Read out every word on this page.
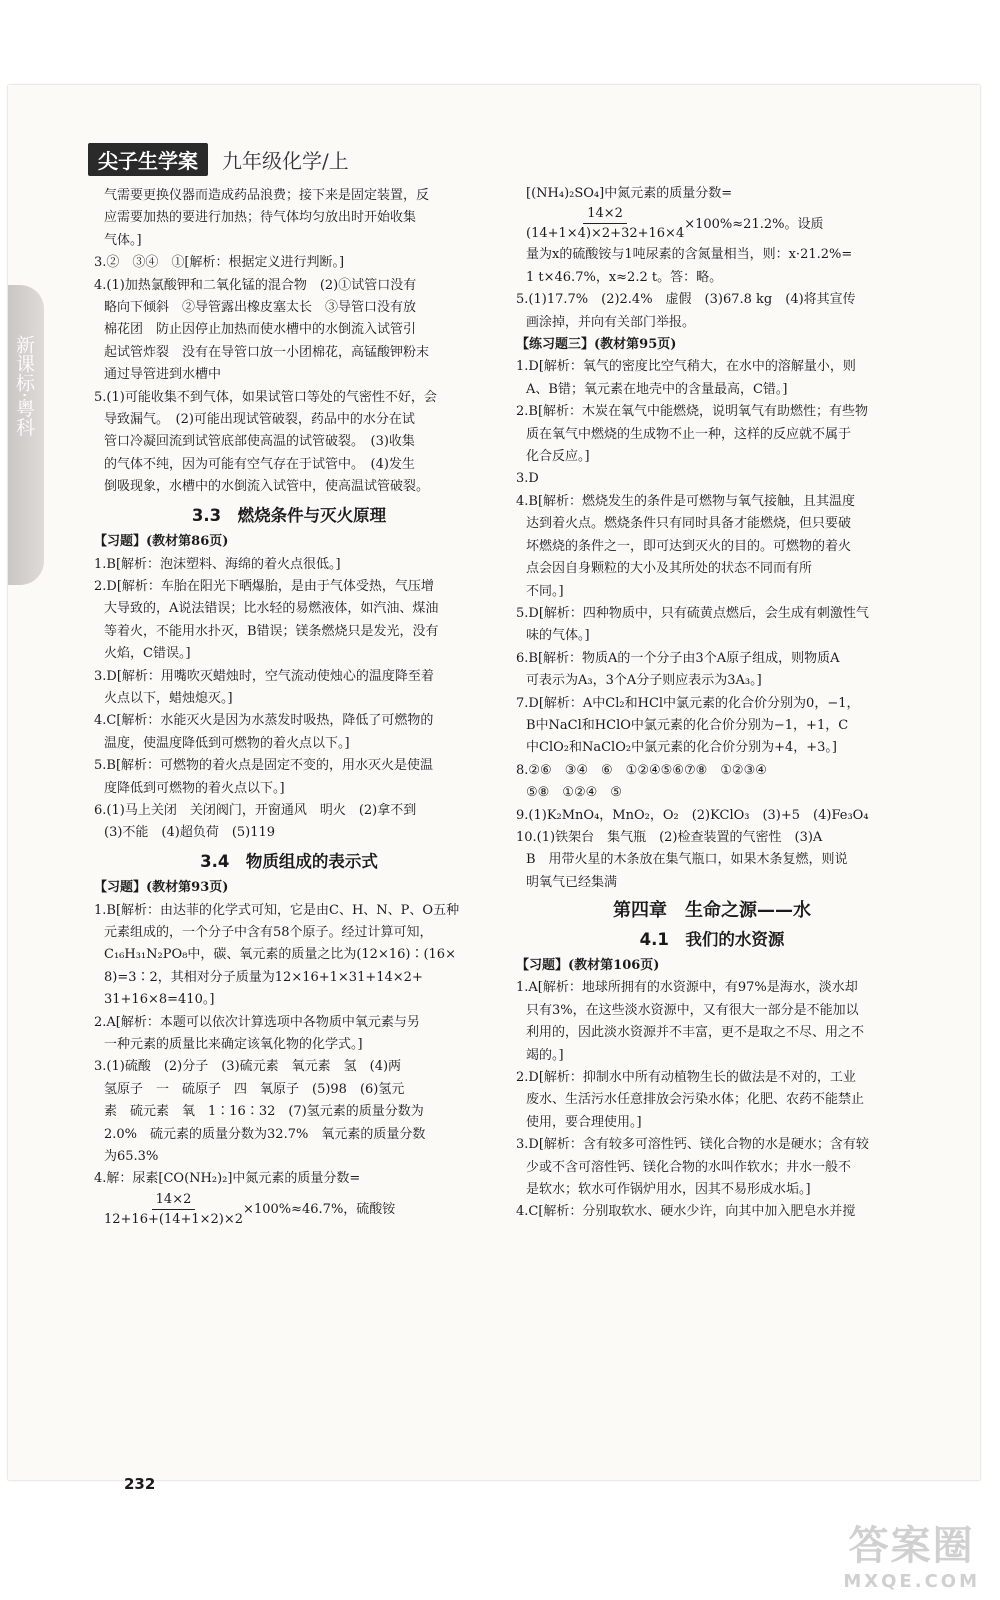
新课标·粤科
尖子生学案	九年级化学/上

气需要更换仪器而造成药品浪费；接下来是固定装置，反

应需要加热的要进行加热；待气体均匀放出时开始收集

气体。]

3.②　③④　①[解析：根据定义进行判断。]

4.(1)加热氯酸钾和二氧化锰的混合物　(2)①试管口没有

略向下倾斜　②导管露出橡皮塞太长　③导管口没有放

棉花团　防止因停止加热而使水槽中的水倒流入试管引

起试管炸裂　没有在导管口放一小团棉花，高锰酸钾粉末

通过导管进到水槽中

5.(1)可能收集不到气体，如果试管口等处的气密性不好，会

导致漏气。　(2)可能出现试管破裂，药品中的水分在试

管口冷凝回流到试管底部使高温的试管破裂。　(3)收集

的气体不纯，因为可能有空气存在于试管中。　(4)发生

倒吸现象，水槽中的水倒流入试管中，使高温试管破裂。

3.3　燃烧条件与灭火原理

【习题】(教材第86页)

1.B[解析：泡沫塑料、海绵的着火点很低。]

2.D[解析：车胎在阳光下晒爆胎，是由于气体受热，气压增

大导致的，A说法错误；比水轻的易燃液体，如汽油、煤油

等着火，不能用水扑灭，B错误；镁条燃烧只是发光，没有

火焰，C错误。]

3.D[解析：用嘴吹灭蜡烛时，空气流动使烛心的温度降至着

火点以下，蜡烛熄灭。]

4.C[解析：水能灭火是因为水蒸发时吸热，降低了可燃物的

温度，使温度降低到可燃物的着火点以下。]

5.B[解析：可燃物的着火点是固定不变的，用水灭火是使温

度降低到可燃物的着火点以下。]

6.(1)马上关闭　关闭阀门，开窗通风　明火　(2)拿不到

(3)不能　(4)超负荷　(5)119

3.4　物质组成的表示式

【习题】(教材第93页)

1.B[解析：由达菲的化学式可知，它是由C、H、N、P、O五种

元素组成的，一个分子中含有58个原子。经过计算可知，

C₁₆H₃₁N₂PO₈中，碳、氧元素的质量之比为(12×16)∶(16×

8)=3∶2，其相对分子质量为12×16+1×31+14×2+

31+16×8=410。]

2.A[解析：本题可以依次计算选项中各物质中氧元素与另

一种元素的质量比来确定该氧化物的化学式。]

3.(1)硫酸　(2)分子　(3)硫元素　氧元素　氢　(4)两

氢原子　一　硫原子　四　氧原子　(5)98　(6)氢元

素　硫元素　氧　1∶16∶32　(7)氢元素的质量分数为

2.0%　硫元素的质量分数为32.7%　氧元素的质量分数

为65.3%

4.解：尿素[CO(NH₂)₂]中氮元素的质量分数=

$\frac{14\times 2}{12+16+(14+1\times 2)\times 2} \times 100\%\approx 46.7\%$，硫酸铵

[(NH₄)₂SO₄]中氮元素的质量分数=

$\frac{14\times 2}{(14+1\times 4)\times 2+32+16\times 4} \times 100\%\approx 21.2\%$。设质

量为x的硫酸铵与1吨尿素的含氮量相当，则：x·21.2%=

1 t×46.7%，x≈2.2 t。答：略。

5.(1)17.7%　(2)2.4%　虚假　(3)67.8 kg　(4)将其宣传

画涂掉，并向有关部门举报。

【练习题三】(教材第95页)

1.D[解析：氧气的密度比空气稍大，在水中的溶解量小，则

A、B错；氧元素在地壳中的含量最高，C错。]

2.B[解析：木炭在氧气中能燃烧，说明氧气有助燃性；有些物

质在氧气中燃烧的生成物不止一种，这样的反应就不属于

化合反应。]

3.D

4.B[解析：燃烧发生的条件是可燃物与氧气接触，且其温度

达到着火点。燃烧条件只有同时具备才能燃烧，但只要破

坏燃烧的条件之一，即可达到灭火的目的。可燃物的着火

点会因自身颗粒的大小及其所处的状态不同而有所

不同。]

5.D[解析：四种物质中，只有硫黄点燃后，会生成有刺激性气

味的气体。]

6.B[解析：物质A的一个分子由3个A原子组成，则物质A

可表示为A₃，3个A分子则应表示为3A₃。]

7.D[解析：A中Cl₂和HCl中氯元素的化合价分别为0，−1，

B中NaCl和HClO中氯元素的化合价分别为−1，+1，C

中ClO₂和NaClO₂中氯元素的化合价分别为+4，+3。]

8.②⑥　③④　⑥　①②④⑤⑥⑦⑧　①②③④

⑤⑧　①②④　⑤

9.(1)K₂MnO₄，MnO₂，O₂　(2)KClO₃　(3)+5　(4)Fe₃O₄

10.(1)铁架台　集气瓶　(2)检查装置的气密性　(3)A

B　用带火星的木条放在集气瓶口，如果木条复燃，则说

明氧气已经集满

第四章　生命之源——水
4.1　我们的水资源

【习题】(教材第106页)

1.A[解析：地球所拥有的水资源中，有97%是海水，淡水却

只有3%，在这些淡水资源中，又有很大一部分是不能加以

利用的，因此淡水资源并不丰富，更不是取之不尽、用之不

竭的。]

2.D[解析：抑制水中所有动植物生长的做法是不对的，工业

废水、生活污水任意排放会污染水体；化肥、农药不能禁止

使用，要合理使用。]

3.D[解析：含有较多可溶性钙、镁化合物的水是硬水；含有较

少或不含可溶性钙、镁化合物的水叫作软水；井水一般不

是软水；软水可作锅炉用水，因其不易形成水垢。]

4.C[解析：分别取软水、硬水少许，向其中加入肥皂水并搅

232
答案圈
MXQE.COM
